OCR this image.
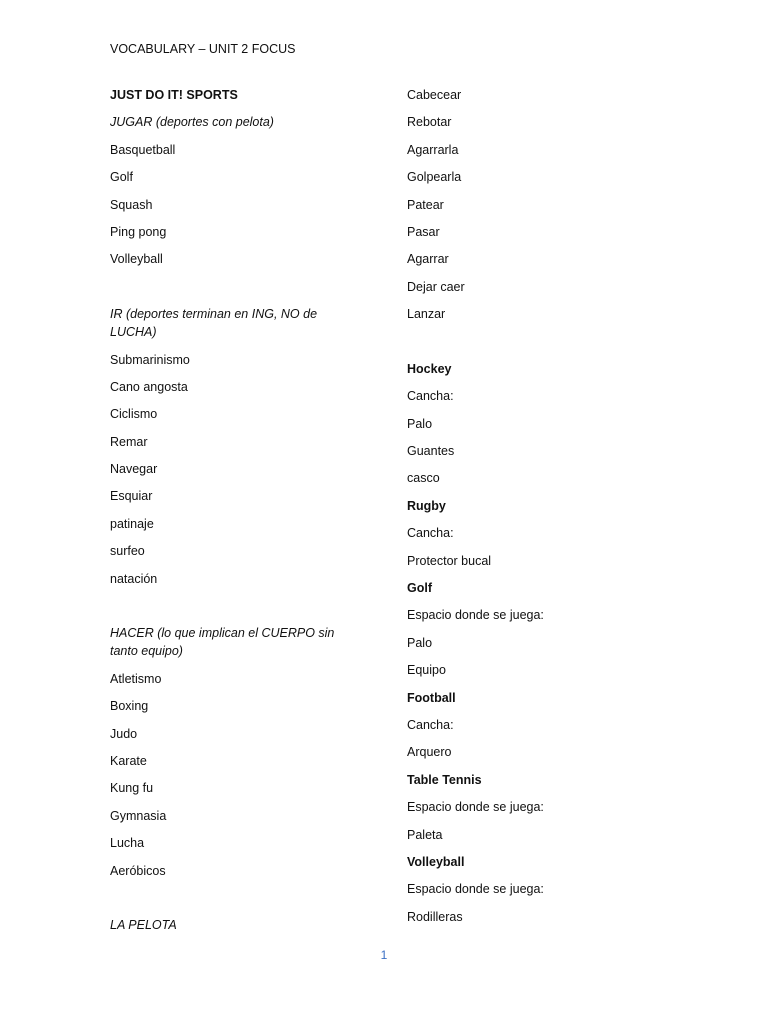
VOCABULARY – UNIT 2 FOCUS
JUST DO IT! SPORTS
JUGAR (deportes con pelota)
Basquetball
Golf
Squash
Ping pong
Volleyball
IR (deportes terminan en ING, NO de LUCHA)
Submarinismo
Cano angosta
Ciclismo
Remar
Navegar
Esquiar
patinaje
surfeo
natación
HACER (lo que implican el CUERPO sin tanto equipo)
Atletismo
Boxing
Judo
Karate
Kung fu
Gymnasia
Lucha
Aeróbicos
LA PELOTA
Cabecear
Rebotar
Agarrarla
Golpearla
Patear
Pasar
Agarrar
Dejar caer
Lanzar
Hockey
Cancha:
Palo
Guantes
casco
Rugby
Cancha:
Protector bucal
Golf
Espacio donde se juega:
Palo
Equipo
Football
Cancha:
Arquero
Table Tennis
Espacio donde se juega:
Paleta
Volleyball
Espacio donde se juega:
Rodilleras
1
